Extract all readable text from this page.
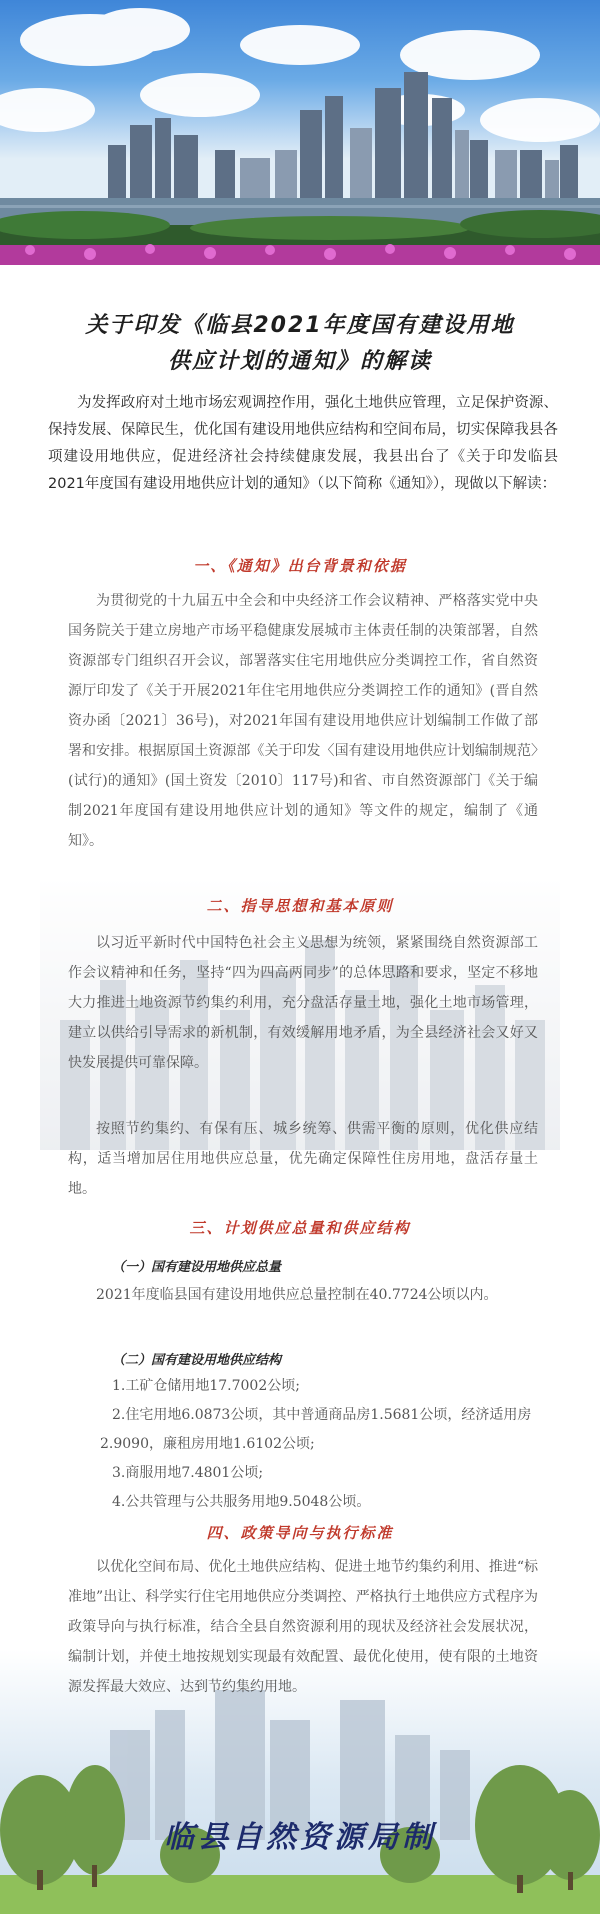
关于印发《临县2021年度国有建设用地
供应计划的通知》的解读
为发挥政府对土地市场宏观调控作用，强化土地供应管理，立足保护资源、保持发展、保障民生，优化国有建设用地供应结构和空间布局，切实保障我县各项建设用地供应，促进经济社会持续健康发展，我县出台了《关于印发临县2021年度国有建设用地供应计划的通知》（以下简称《通知》），现做以下解读：
一、《通知》出台背景和依据
为贯彻党的十九届五中全会和中央经济工作会议精神、严格落实党中央国务院关于建立房地产市场平稳健康发展城市主体责任制的决策部署，自然资源部专门组织召开会议，部署落实住宅用地供应分类调控工作，省自然资源厅印发了《关于开展2021年住宅用地供应分类调控工作的通知》(晋自然资办函〔2021〕36号)，对2021年国有建设用地供应计划编制工作做了部署和安排。根据原国土资源部《关于印发〈国有建设用地供应计划编制规范〉(试行)的通知》(国土资发〔2010〕117号)和省、市自然资源部门《关于编制2021年度国有建设用地供应计划的通知》等文件的规定，编制了《通知》。
二、指导思想和基本原则
以习近平新时代中国特色社会主义思想为统领，紧紧围绕自然资源部工作会议精神和任务，坚持“四为四高两同步”的总体思路和要求，坚定不移地大力推进土地资源节约集约利用，充分盘活存量土地，强化土地市场管理，建立以供给引导需求的新机制，有效缓解用地矛盾，为全县经济社会又好又快发展提供可靠保障。
按照节约集约、有保有压、城乡统筹、供需平衡的原则，优化供应结构，适当增加居住用地供应总量，优先确定保障性住房用地，盘活存量土地。
三、计划供应总量和供应结构
（一）国有建设用地供应总量
2021年度临县国有建设用地供应总量控制在40.7724公顷以内。
（二）国有建设用地供应结构
1.工矿仓储用地17.7002公顷;
2.住宅用地6.0873公顷，其中普通商品房1.5681公顷，经济适用房2.9090，廉租房用地1.6102公顷;
3.商服用地7.4801公顷;
4.公共管理与公共服务用地9.5048公顷。
四、政策导向与执行标准
以优化空间布局、优化土地供应结构、促进土地节约集约利用、推进“标准地”出让、科学实行住宅用地供应分类调控、严格执行土地供应方式程序为政策导向与执行标准，结合全县自然资源利用的现状及经济社会发展状况，编制计划，并使土地按规划实现最有效配置、最优化使用，使有限的土地资源发挥最大效应、达到节约集约用地。
临县自然资源局制
